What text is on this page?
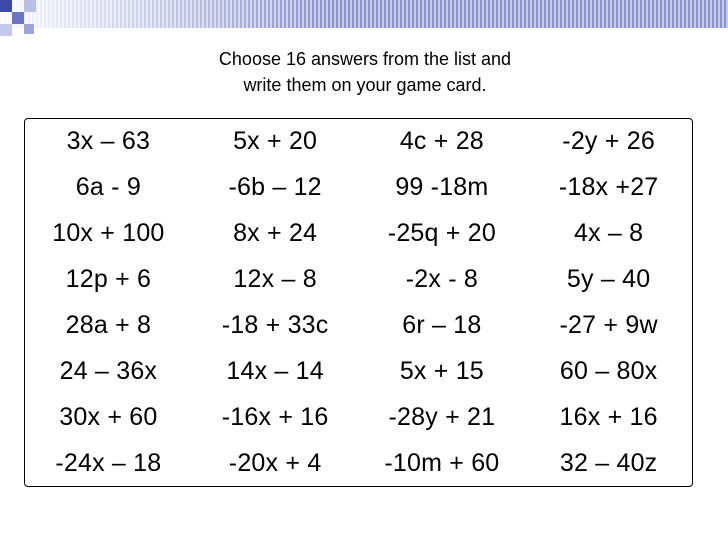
Choose 16 answers from the list and
write them on your game card.
3x – 63	5x + 20	4c + 28	-2y + 26
6a - 9	-6b – 12	99 -18m	-18x +27
10x + 100	8x + 24	-25q + 20	4x – 8
12p + 6	12x – 8	-2x - 8	5y – 40
28a + 8	-18 + 33c	6r – 18	-27 + 9w
24 – 36x	14x – 14	5x + 15	60 – 80x
30x + 60	-16x + 16	-28y + 21	16x + 16
-24x – 18	-20x + 4	-10m + 60	32 – 40z
